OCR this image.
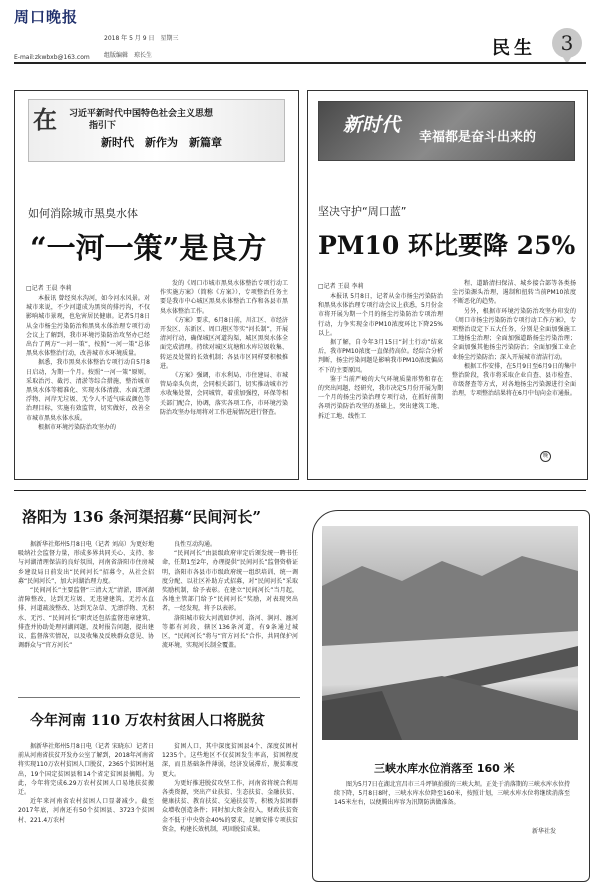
周口晚报
2018 年 5 月 9 日　星期三
组版编辑　琼长生
E-mail:zkwbxb@163.com	民生	3
在 习近平新时代中国特色社会主义思想
指引下
新时代　新作为　新篇章
如何消除城市黑臭水体
“一河一策”是良方
□记者 王晨 李莉

本报讯 曾经臭水沟河，如今河水风景。对城市来说，不少河道成为黑臭的排污沟，不仅影响城市景观，也危害居民健康。记者5月8日从金市杨尘污染防治和黑臭水体治理专项行动会议上了解到，我市环境污染防治攻坚办已经出台了两方“一河一策”，按照“一河一策”总体黑臭水体整治行动，改善城市水环境质量。

据悉，我市黑臭水体整治专项行动自5月8日启动，为期一个月。按照“一河一策”原则，采取治污、截污、清淤等综合措施，整治城市黑臭水体等精准化、实现水体清澈、水面无漂浮物、河岸无垃圾、无令人不适气味或颜色等治理目标，实施有效监管，切实做好，改善全市城市黑臭水体水质。

根据市环境污染防治攻坚办的

发的《周口市城市黑臭水体整治专项行动工作实施方案》（简称《方案》），专项整治任务主要是我市中心城区黑臭水体整治工作和各县市黑臭水体整治工作。

《方案》要求，6月8日前，川汇区、市经济开发区、东新区、周口港区等实“河长制”，开展清河行动，确保城区河道沟渠，城区黑臭水体全面完成清理。持续对城区坑塘和水库垃圾收集、转运及处置的长效机制；各县市区同样要积极推进。

《方案》强调，市水利局、市住建局、市城管局牵头负责，会同相关部门，切实推动城市污水收集处置，会同城管，着重加强控，环保等相关部门配合，协调，落实各项工作，市环境污染防治攻坚办每周将对工作进展情况进行督查。

新时代
幸福都是奋斗出来的
坚决守护“周口蓝”
PM10 环比要降 25%
□记者 王晨 李莉

本报讯 5月8日，记者从金市扬尘污染防治和黑臭水体治理专项行动会议上获悉，5月份金市将开展为期一个月的扬尘污染防治专项治理行动，力争实现金市PM10浓度环比下降25%以上。

据了解，自今年3月15日“封土行动”结束后，我市PM10浓度一直保持高位。经综合分析判断，扬尘污染问题是影响我市PM10浓度偏高不下的主要原因。

鉴于当前严峻的大气环境质量形势和存在的突出问题，经研究，我市决定5月份开展为期一个月的扬尘污染治理专项行动，在抓好前期各项污染防治攻坚的基础上，突出建筑工地、拆迁工地、线性工

程、道路清扫保洁、城乡接合部等各类扬尘污染源头治理，遏制和扭转当前PM10浓度不断恶化的趋势。

另外，根据市环境污染防治攻坚办印发的《周口市扬尘污染防治专项行动工作方案》，专项整治设定下五大任务，分别是全面加强施工工地扬尘治理；全面加强道路扬尘污染治理；全面加强其他扬尘污染防治；全面加强工业企业扬尘污染防治；深入开展城市清洁行动。

根据工作安排，在5月9日至6月9日的集中整治阶段，我市将采取企业自查、县市检查、市级督查等方式，对各地扬尘污染源进行全面治理，专项整治结果将在6月中旬向金市通报。

晚
洛阳为 136 条河渠招募“民间河长”

据新华社郑州5月8日电（记者 刘高）为更好地吸纳社会监督力量，形成多界共同关心、支持、参与河湖清理保洁的良好氛围，河南省洛阳市住房城乡建设局日前发出“民间河长”招募令，从社会招募“民间河长”，加大河湖治理力度。

“民间河长”主要监督“三清大无”清淤，即河湖清障整改，达到无垃圾、无违建建筑、无污水直排、河道疏浚整改、达到无杂草、无漂浮物、无积水、无污、“民间河长”职责还包括监督违章建筑、排查并协助处理河湖问题，及时报告问题，提出建议、监督落实情况，以及收集及反映群众意见、协调群众与“官方河长”

良性互动沟通。

“民间河长”由县级政府审定后颁发统一聘书任命，任期1至2年，办理提供“民间河长”监督资格证明，洛阳市各县市市级政府统一组织培训、统一调度分配、以社区补助方式招募，对“民间河长”采取奖励机制，给予表彰。在建立“民间河长”当月起，各地主管部门给予“民间河长”奖励，对表现突出者，一经发现，将予以表彰。

洛阳城市较大河流如伊河、洛河、涧河、瀍河等都有河段，辖区136条河道，有9条通过城区，“民间河长”将与“官方河长”合作，共同保护河流环境，实现河长制全覆盖。

今年河南 110 万农村贫困人口将脱贫

据新华社郑州5月8日电（记者 宋晓东）记者日前从河南省扶贫开发办公室了解到，2018年河南省将实现110万农村贫困人口脱贫，2365个贫困村退出，19个国定贫困县和14个省定贫困县摘帽。为此，今年将完成6.29万农村贫困人口易地扶贫搬迁。

近年来河南省农村贫困人口显著减少。截至2017年底，河南还有50个贫困县、3723个贫困村、221.4万农村

贫困人口，其中深度贫困县4个、深度贫困村1235个。这些地区不仅贫困发生率高，贫困程度深，而且基础条件薄弱，经济发展滞后，脱贫难度更大。

为更好推进脱贫攻坚工作，河南省将统合利用各类资源，突出产业扶贫、生态扶贫、金融扶贫、健康扶贫、教育扶贫、交通扶贫等，积极为贫困群众增收创造条件；同时加大资金投入，财政扶贫资金不低于中央资金40%的要求，足额安排专项扶贫资金，构建长效机制，巩固脱贫成果。

三峡水库水位消落至 160 米

图为5月7日在湖北宜昌市三斗坪镇拍摄的三峡大坝。正处于消落期的三峡水库水位持续下降，5月8日8时，三峡水库水位降至160米，按照计划，三峡水库水位将继续消落至145米左右，以便腾出库容为汛期防洪做准备。

新华社发
